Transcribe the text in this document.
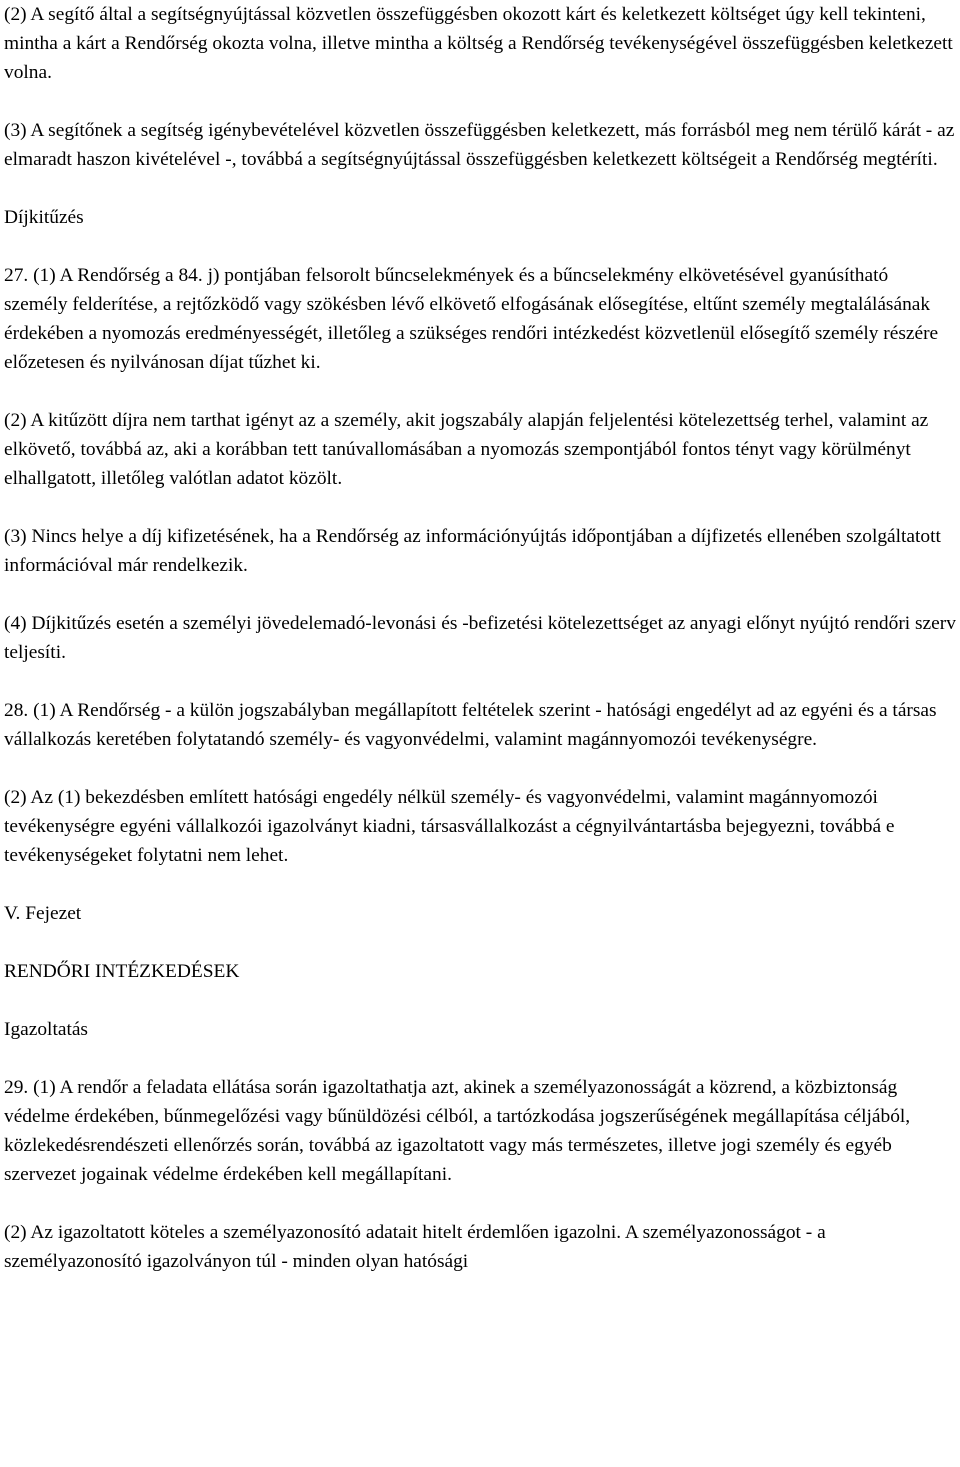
(2) A segítő által a segítségnyújtással közvetlen összefüggésben okozott kárt és keletkezett költséget úgy kell tekinteni, mintha a kárt a Rendőrség okozta volna, illetve mintha a költség a Rendőrség tevékenységével összefüggésben keletkezett volna.

(3) A segítőnek a segítség igénybevételével közvetlen összefüggésben keletkezett, más forrásból meg nem térülő kárát - az elmaradt haszon kivételével -, továbbá a segítségnyújtással összefüggésben keletkezett költségeit a Rendőrség megtéríti.

Díjkitűzés

27. (1) A Rendőrség a 84. j) pontjában felsorolt bűncselekmények és a bűncselekmény elkövetésével gyanúsítható személy felderítése, a rejtőzködő vagy szökésben lévő elkövető elfogásának elősegítése, eltűnt személy megtalálásának érdekében a nyomozás eredményességét, illetőleg a szükséges rendőri intézkedést közvetlenül elősegítő személy részére előzetesen és nyilvánosan díjat tűzhet ki.

(2) A kitűzött díjra nem tarthat igényt az a személy, akit jogszabály alapján feljelentési kötelezettség terhel, valamint az elkövető, továbbá az, aki a korábban tett tanúvallomásában a nyomozás szempontjából fontos tényt vagy körülményt elhallgatott, illetőleg valótlan adatot közölt.

(3) Nincs helye a díj kifizetésének, ha a Rendőrség az információnyújtás időpontjában a díjfizetés ellenében szolgáltatott információval már rendelkezik.

(4) Díjkitűzés esetén a személyi jövedelemadó-levonási és -befizetési kötelezettséget az anyagi előnyt nyújtó rendőri szerv teljesíti.

28. (1) A Rendőrség - a külön jogszabályban megállapított feltételek szerint - hatósági engedélyt ad az egyéni és a társas vállalkozás keretében folytatandó személy- és vagyonvédelmi, valamint magánnyomozói tevékenységre.

(2) Az (1) bekezdésben említett hatósági engedély nélkül személy- és vagyonvédelmi, valamint magánnyomozói tevékenységre egyéni vállalkozói igazolványt kiadni, társasvállalkozást a cégnyilvántartásba bejegyezni, továbbá e tevékenységeket folytatni nem lehet.

V. Fejezet

RENDŐRI INTÉZKEDÉSEK

Igazoltatás

29. (1) A rendőr a feladata ellátása során igazoltathatja azt, akinek a személyazonosságát a közrend, a közbiztonság védelme érdekében, bűnmegelőzési vagy bűnüldözési célból, a tartózkodása jogszerűségének megállapítása céljából, közlekedésrendészeti ellenőrzés során, továbbá az igazoltatott vagy más természetes, illetve jogi személy és egyéb szervezet jogainak védelme érdekében kell megállapítani.

(2) Az igazoltatott köteles a személyazonosító adatait hitelt érdemlően igazolni. A személyazonosságot - a személyazonosító igazolványon túl - minden olyan hatósági
